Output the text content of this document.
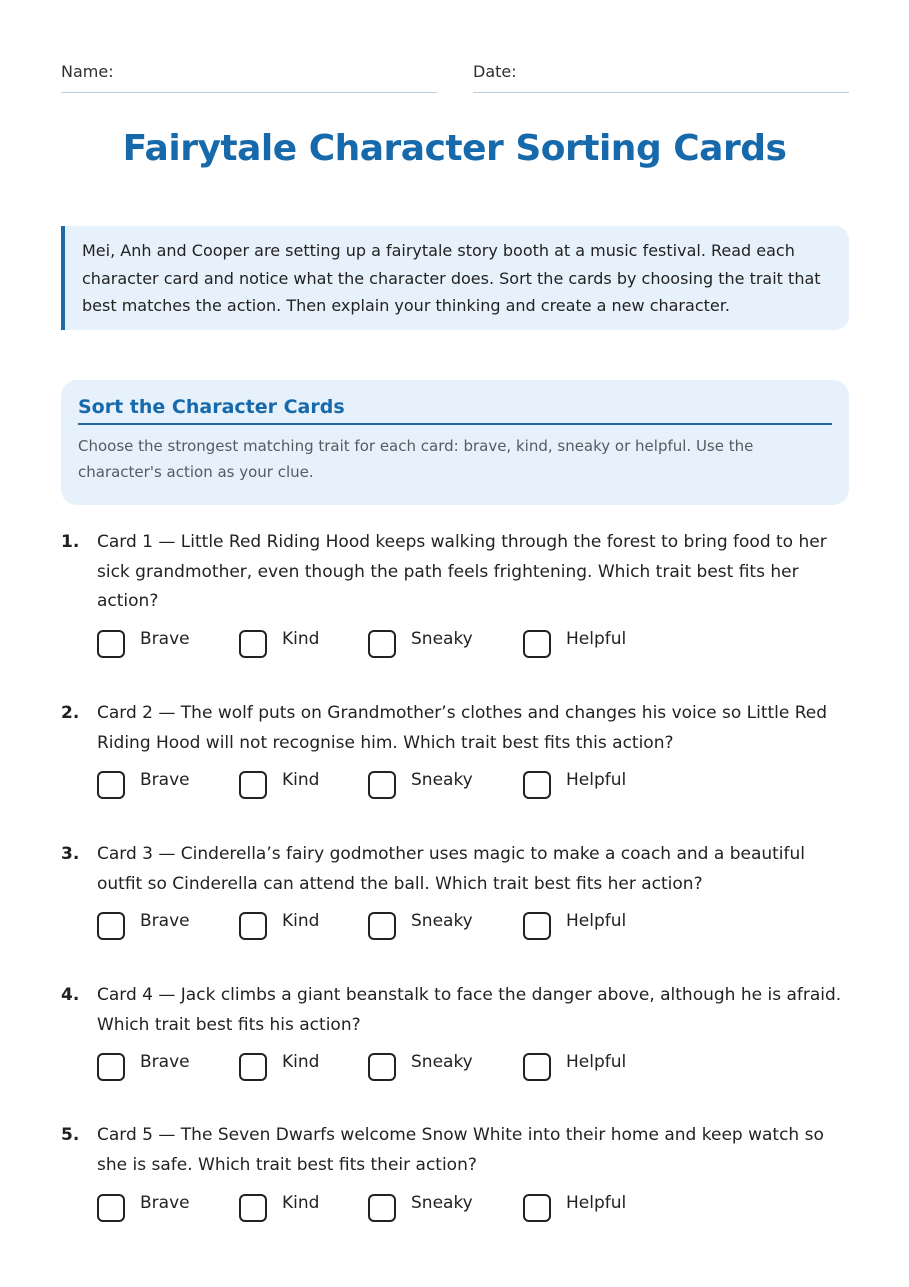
Name:	Date:
Fairytale Character Sorting Cards
Mei, Anh and Cooper are setting up a fairytale story booth at a music festival. Read each character card and notice what the character does. Sort the cards by choosing the trait that best matches the action. Then explain your thinking and create a new character.
Sort the Character Cards
Choose the strongest matching trait for each card: brave, kind, sneaky or helpful. Use the character's action as your clue.
1. Card 1 — Little Red Riding Hood keeps walking through the forest to bring food to her sick grandmother, even though the path feels frightening. Which trait best fits her action?
Brave	Kind	Sneaky	Helpful
2. Card 2 — The wolf puts on Grandmother’s clothes and changes his voice so Little Red Riding Hood will not recognise him. Which trait best fits this action?
Brave	Kind	Sneaky	Helpful
3. Card 3 — Cinderella’s fairy godmother uses magic to make a coach and a beautiful outfit so Cinderella can attend the ball. Which trait best fits her action?
Brave	Kind	Sneaky	Helpful
4. Card 4 — Jack climbs a giant beanstalk to face the danger above, although he is afraid. Which trait best fits his action?
Brave	Kind	Sneaky	Helpful
5. Card 5 — The Seven Dwarfs welcome Snow White into their home and keep watch so she is safe. Which trait best fits their action?
Brave	Kind	Sneaky	Helpful
